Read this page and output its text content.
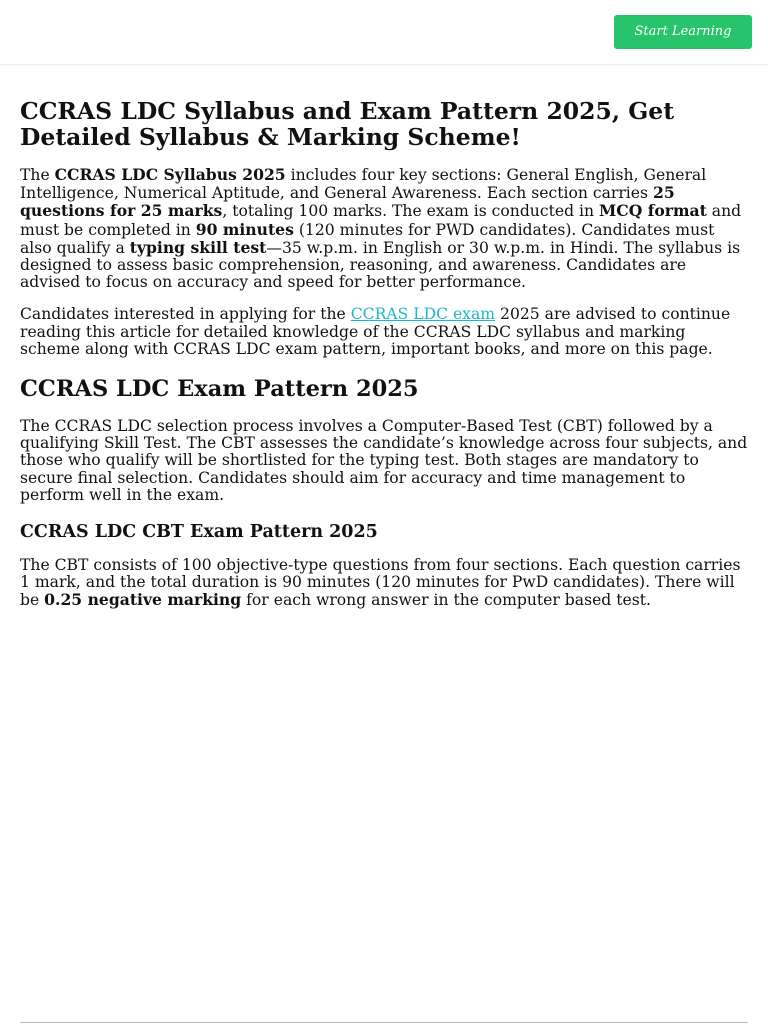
Start Learning
CCRAS LDC Syllabus and Exam Pattern 2025, Get Detailed Syllabus & Marking Scheme!

The CCRAS LDC Syllabus 2025 includes four key sections: General English, General Intelligence, Numerical Aptitude, and General Awareness. Each section carries 25 questions for 25 marks, totaling 100 marks. The exam is conducted in MCQ format and must be completed in 90 minutes (120 minutes for PWD candidates). Candidates must also qualify a typing skill test—35 w.p.m. in English or 30 w.p.m. in Hindi. The syllabus is designed to assess basic comprehension, reasoning, and awareness. Candidates are advised to focus on accuracy and speed for better performance.

Candidates interested in applying for the CCRAS LDC exam 2025 are advised to continue reading this article for detailed knowledge of the CCRAS LDC syllabus and marking scheme along with CCRAS LDC exam pattern, important books, and more on this page.

CCRAS LDC Exam Pattern 2025

The CCRAS LDC selection process involves a Computer-Based Test (CBT) followed by a qualifying Skill Test. The CBT assesses the candidate’s knowledge across four subjects, and those who qualify will be shortlisted for the typing test. Both stages are mandatory to secure final selection. Candidates should aim for accuracy and time management to perform well in the exam.

CCRAS LDC CBT Exam Pattern 2025

The CBT consists of 100 objective-type questions from four sections. Each question carries 1 mark, and the total duration is 90 minutes (120 minutes for PwD candidates). There will be 0.25 negative marking for each wrong answer in the computer based test.
